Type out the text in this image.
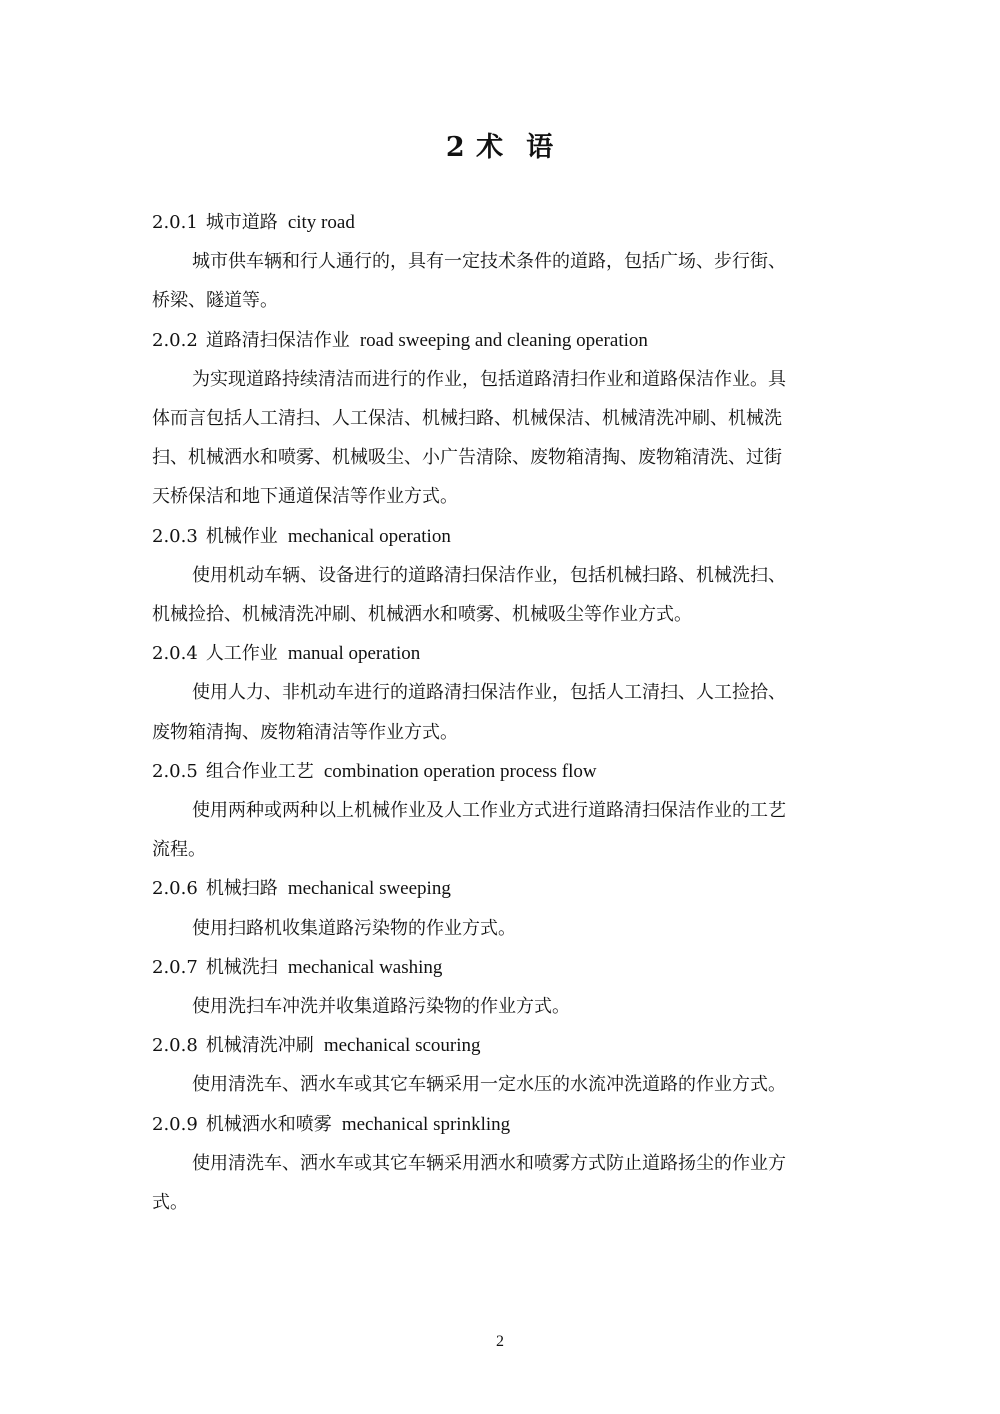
2 术 语
2.0.1 城市道路 city road
城市供车辆和行人通行的，具有一定技术条件的道路，包括广场、步行街、
桥梁、隧道等。
2.0.2 道路清扫保洁作业 road sweeping and cleaning operation
为实现道路持续清洁而进行的作业，包括道路清扫作业和道路保洁作业。具
体而言包括人工清扫、人工保洁、机械扫路、机械保洁、机械清洗冲刷、机械洗
扫、机械洒水和喷雾、机械吸尘、小广告清除、废物箱清掏、废物箱清洗、过街
天桥保洁和地下通道保洁等作业方式。
2.0.3 机械作业 mechanical operation
使用机动车辆、设备进行的道路清扫保洁作业，包括机械扫路、机械洗扫、
机械捡拾、机械清洗冲刷、机械洒水和喷雾、机械吸尘等作业方式。
2.0.4 人工作业 manual operation
使用人力、非机动车进行的道路清扫保洁作业，包括人工清扫、人工捡拾、
废物箱清掏、废物箱清洁等作业方式。
2.0.5 组合作业工艺 combination operation process flow
使用两种或两种以上机械作业及人工作业方式进行道路清扫保洁作业的工艺
流程。
2.0.6 机械扫路 mechanical sweeping
使用扫路机收集道路污染物的作业方式。
2.0.7 机械洗扫 mechanical washing
使用洗扫车冲洗并收集道路污染物的作业方式。
2.0.8 机械清洗冲刷 mechanical scouring
使用清洗车、洒水车或其它车辆采用一定水压的水流冲洗道路的作业方式。
2.0.9 机械洒水和喷雾 mechanical sprinkling
使用清洗车、洒水车或其它车辆采用洒水和喷雾方式防止道路扬尘的作业方
式。
2
